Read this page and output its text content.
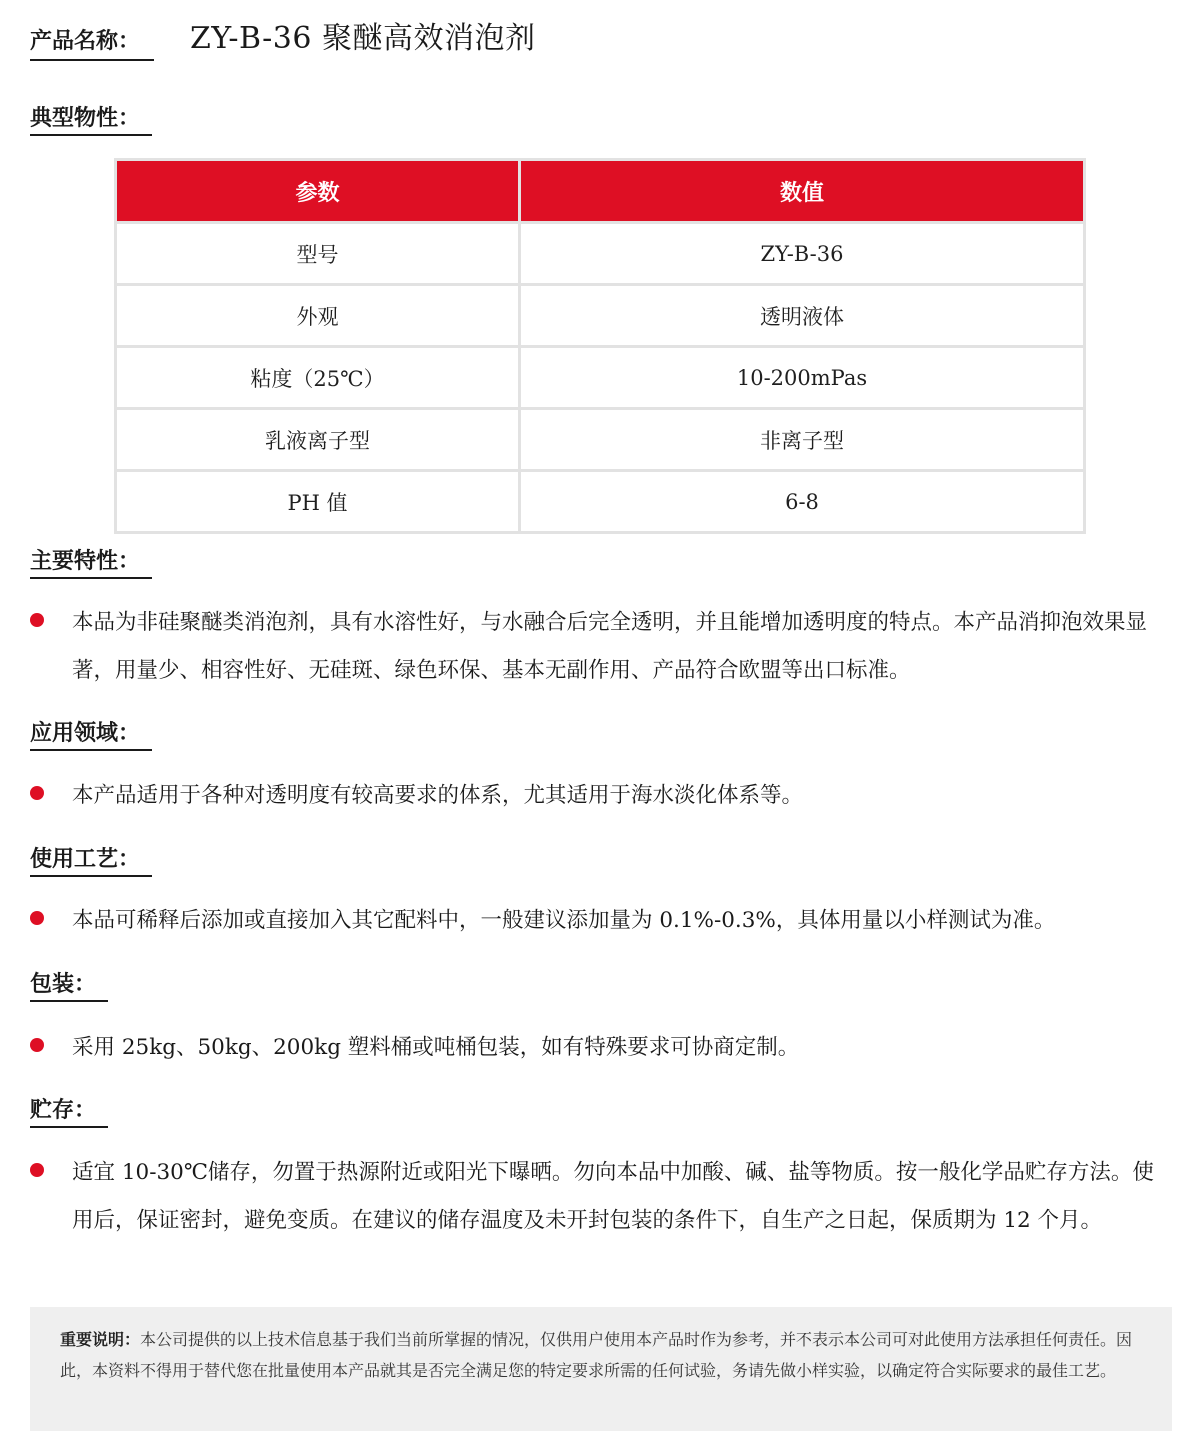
产品名称：	ZY-B-36 聚醚高效消泡剂
典型物性：
参数	数值
型号	ZY-B-36
外观	透明液体
粘度（25℃）	10-200mPas
乳液离子型	非离子型
PH 值	6-8
主要特性：
本品为非硅聚醚类消泡剂，具有水溶性好，与水融合后完全透明，并且能增加透明度的特点。本产品消抑泡效果显著，用量少、相容性好、无硅斑、绿色环保、基本无副作用、产品符合欧盟等出口标准。
应用领域：
本产品适用于各种对透明度有较高要求的体系，尤其适用于海水淡化体系等。
使用工艺：
本品可稀释后添加或直接加入其它配料中，一般建议添加量为 0.1%-0.3%，具体用量以小样测试为准。
包装：
采用 25kg、50kg、200kg 塑料桶或吨桶包装，如有特殊要求可协商定制。
贮存：
适宜 10-30℃储存，勿置于热源附近或阳光下曝晒。勿向本品中加酸、碱、盐等物质。按一般化学品贮存方法。使用后，保证密封，避免变质。在建议的储存温度及未开封包装的条件下，自生产之日起，保质期为 12 个月。
重要说明：本公司提供的以上技术信息基于我们当前所掌握的情况，仅供用户使用本产品时作为参考，并不表示本公司可对此使用方法承担任何责任。因此，本资料不得用于替代您在批量使用本产品就其是否完全满足您的特定要求所需的任何试验，务请先做小样实验，以确定符合实际要求的最佳工艺。
